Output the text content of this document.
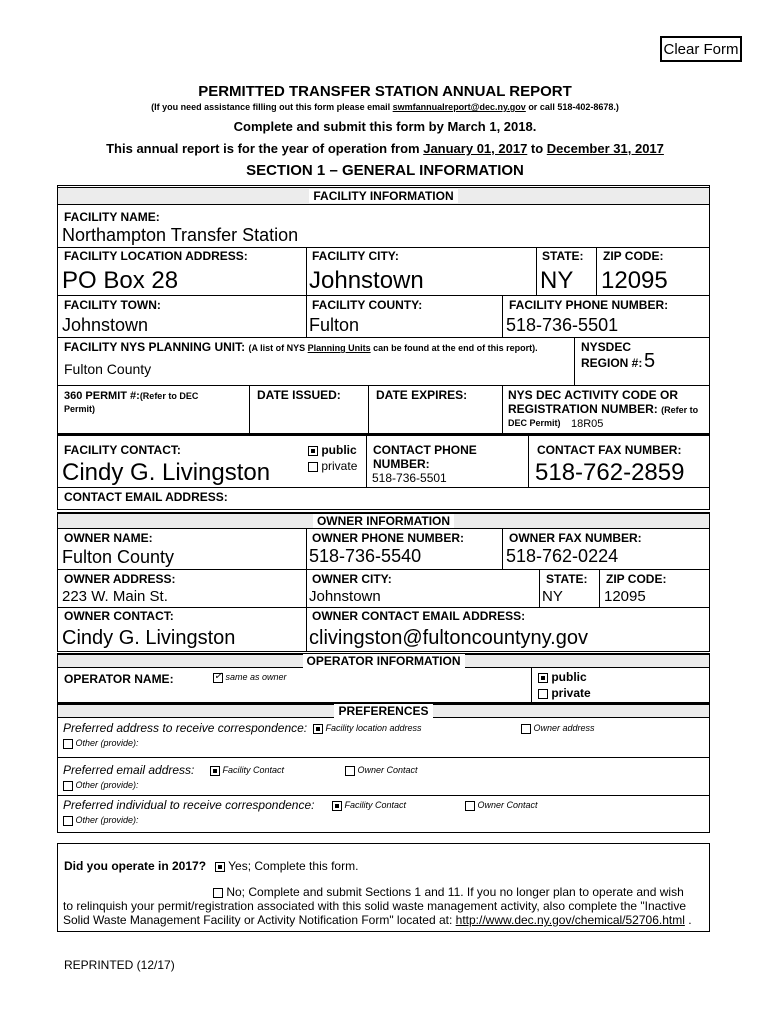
Clear Form
PERMITTED TRANSFER STATION ANNUAL REPORT
(If you need assistance filling out this form please email swmfannualreport@dec.ny.gov or call 518-402-8678.)
Complete and submit this form by March 1, 2018.
This annual report is for the year of operation from January 01, 2017 to December 31, 2017
SECTION 1 – GENERAL INFORMATION
FACILITY INFORMATION
FACILITY NAME:
Northampton Transfer Station
FACILITY LOCATION ADDRESS:
PO Box 28
FACILITY CITY:
Johnstown
STATE:
NY
ZIP CODE:
12095
FACILITY TOWN:
Johnstown
FACILITY COUNTY:
Fulton
FACILITY PHONE NUMBER:
518-736-5501
FACILITY NYS PLANNING UNIT: (A list of NYS Planning Units can be found at the end of this report).
Fulton County
NYSDEC
REGION #: 5
360 PERMIT #:(Refer to DEC
Permit)
DATE ISSUED:	DATE EXPIRES:	NYS DEC ACTIVITY CODE OR
REGISTRATION NUMBER: (Refer to
DEC Permit) 18R05
FACILITY CONTACT:
Cindy G. Livingston
public
private
CONTACT PHONE
NUMBER:
518-736-5501
CONTACT FAX NUMBER:
518-762-2859
CONTACT EMAIL ADDRESS:
OWNER INFORMATION
OWNER NAME:
Fulton County
OWNER PHONE NUMBER:
518-736-5540
OWNER FAX NUMBER:
518-762-0224
OWNER ADDRESS:
223 W. Main St.
OWNER CITY:
Johnstown
STATE:
NY
ZIP CODE:
12095
OWNER CONTACT:
Cindy G. Livingston
OWNER CONTACT EMAIL ADDRESS:
clivingston@fultoncountyny.gov
OPERATOR INFORMATION
OPERATOR NAME:
✓	same as owner	public
private
PREFERENCES
Preferred address to receive correspondence:	Facility location address	Owner address
Other (provide):
Preferred email address:	Facility Contact	Owner Contact
Other (provide):
Preferred individual to receive correspondence:	Facility Contact	Owner Contact
Other (provide):
Did you operate in 2017?	Yes; Complete this form.
No; Complete and submit Sections 1 and 11. If you no longer plan to operate and wish
to relinquish your permit/registration associated with this solid waste management activity, also complete the "Inactive
Solid Waste Management Facility or Activity Notification Form" located at: http://www.dec.ny.gov/chemical/52706.html .
REPRINTED (12/17)
